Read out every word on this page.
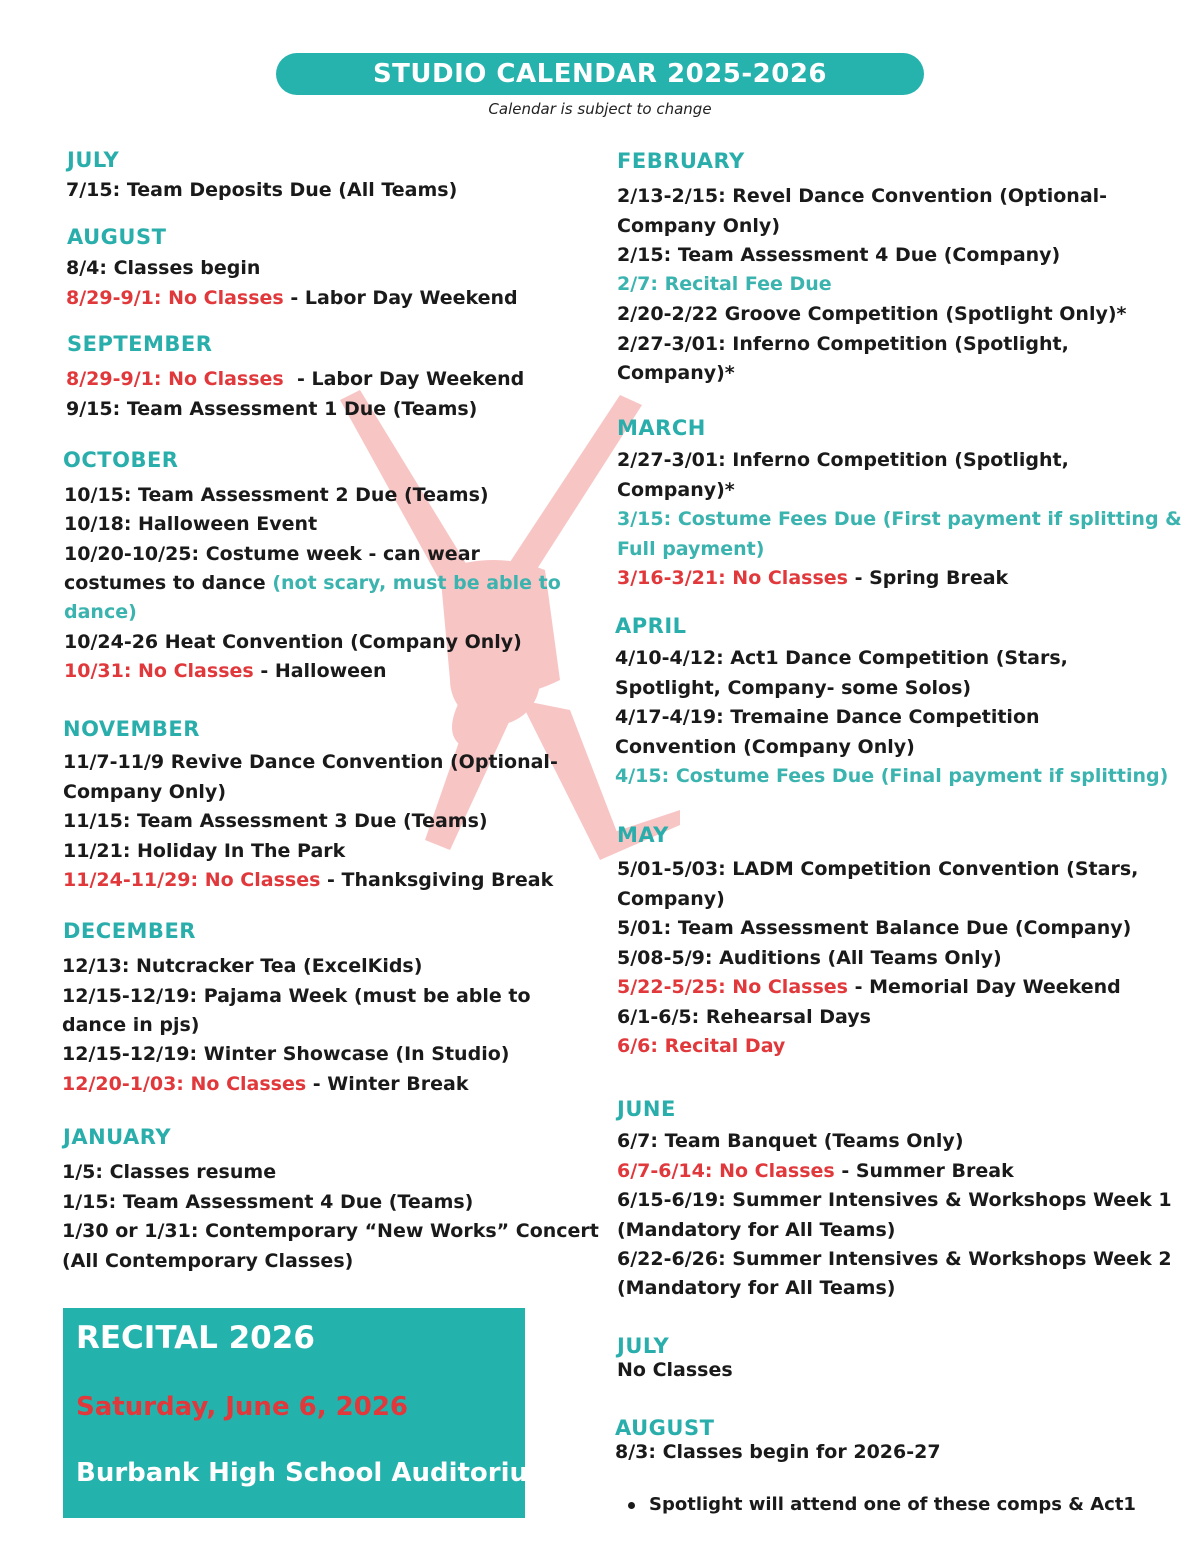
STUDIO CALENDAR 2025-2026
Calendar is subject to change
JULY
7/15: Team Deposits Due (All Teams)
AUGUST
8/4: Classes begin
8/29-9/1: No Classes - Labor Day Weekend
SEPTEMBER
8/29-9/1: No Classes  - Labor Day Weekend
9/15: Team Assessment 1 Due (Teams)
OCTOBER
10/15: Team Assessment 2 Due (Teams)
10/18: Halloween Event
10/20-10/25: Costume week - can wear
costumes to dance (not scary, must be able to
dance)
10/24-26 Heat Convention (Company Only)
10/31: No Classes - Halloween
NOVEMBER
11/7-11/9 Revive Dance Convention (Optional-
Company Only)
11/15: Team Assessment 3 Due (Teams)
11/21: Holiday In The Park
11/24-11/29: No Classes - Thanksgiving Break
DECEMBER
12/13: Nutcracker Tea (ExcelKids)
12/15-12/19: Pajama Week (must be able to
dance in pjs)
12/15-12/19: Winter Showcase (In Studio)
12/20-1/03: No Classes - Winter Break
JANUARY
1/5: Classes resume
1/15: Team Assessment 4 Due (Teams)
1/30 or 1/31: Contemporary “New Works” Concert
(All Contemporary Classes)
RECITAL 2026
Saturday, June 6, 2026
Burbank High School Auditorium
FEBRUARY
2/13-2/15: Revel Dance Convention (Optional-
Company Only)
2/15: Team Assessment 4 Due (Company)
2/7: Recital Fee Due
2/20-2/22 Groove Competition (Spotlight Only)*
2/27-3/01: Inferno Competition (Spotlight,
Company)*
MARCH
2/27-3/01: Inferno Competition (Spotlight,
Company)*
3/15: Costume Fees Due (First payment if splitting &
Full payment)
3/16-3/21: No Classes - Spring Break
APRIL
4/10-4/12: Act1 Dance Competition (Stars,
Spotlight, Company- some Solos)
4/17-4/19: Tremaine Dance Competition
Convention (Company Only)
4/15: Costume Fees Due (Final payment if splitting)
MAY
5/01-5/03: LADM Competition Convention (Stars,
Company)
5/01: Team Assessment Balance Due (Company)
5/08-5/9: Auditions (All Teams Only)
5/22-5/25: No Classes - Memorial Day Weekend
6/1-6/5: Rehearsal Days
6/6: Recital Day
JUNE
6/7: Team Banquet (Teams Only)
6/7-6/14: No Classes - Summer Break
6/15-6/19: Summer Intensives & Workshops Week 1
(Mandatory for All Teams)
6/22-6/26: Summer Intensives & Workshops Week 2
(Mandatory for All Teams)
JULY
No Classes
AUGUST
8/3: Classes begin for 2026-27
Spotlight will attend one of these comps & Act1
